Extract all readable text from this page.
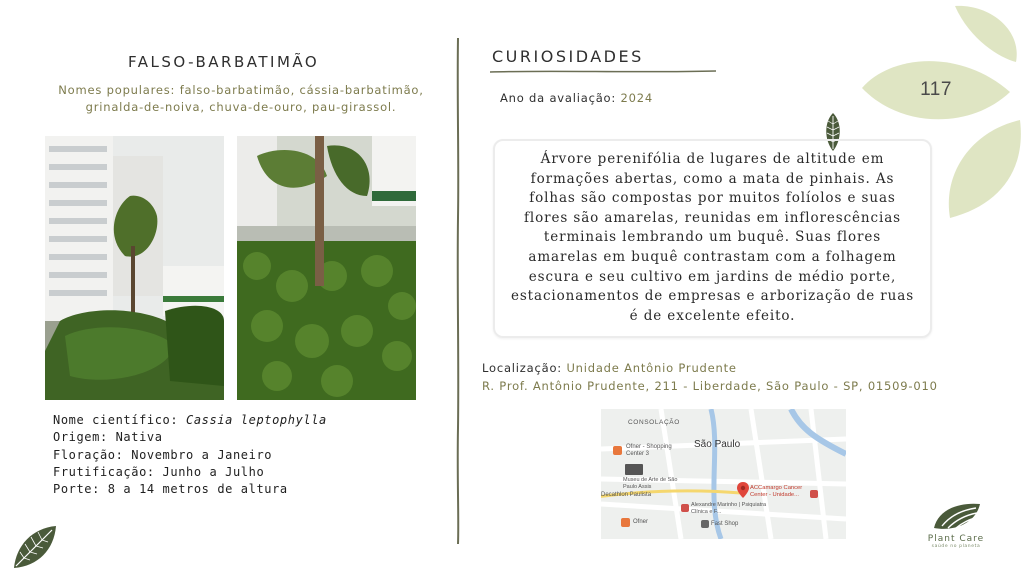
117
FALSO-BARBATIMÃO
Nomes populares: falso-barbatimão, cássia-barbatimão, grinalda-de-noiva, chuva-de-ouro, pau-girassol.
Nome científico: Cassia leptophylla
Origem: Nativa
Floração: Novembro a Janeiro
Frutificação: Junho a Julho
Porte: 8 a 14 metros de altura
CURIOSIDADES
Ano da avaliação: 2024

Árvore perenifólia de lugares de altitude em formações abertas, como a mata de pinhais. As folhas são compostas por muitos folíolos e suas flores são amarelas, reunidas em inflorescências terminais lembrando um buquê. Suas flores amarelas em buquê contrastam com a folhagem escura e seu cultivo em jardins de médio porte, estacionamentos de empresas e arborização de ruas é de excelente efeito.

Localização: Unidade Antônio Prudente
R. Prof. Antônio Prudente, 211 - Liberdade, São Paulo - SP, 01509-010
CONSOLAÇÃO
São Paulo
Ofner - Shopping Center 3
Museu de Arte de São Paulo Assis
Decathlon Paulista
Alexandre Marinho | Psiquiatra Clínica e F...
ACCamargo Cancer Center - Unidade...
Ofner	Fast Shop
Plant Care
saúde no planeta
